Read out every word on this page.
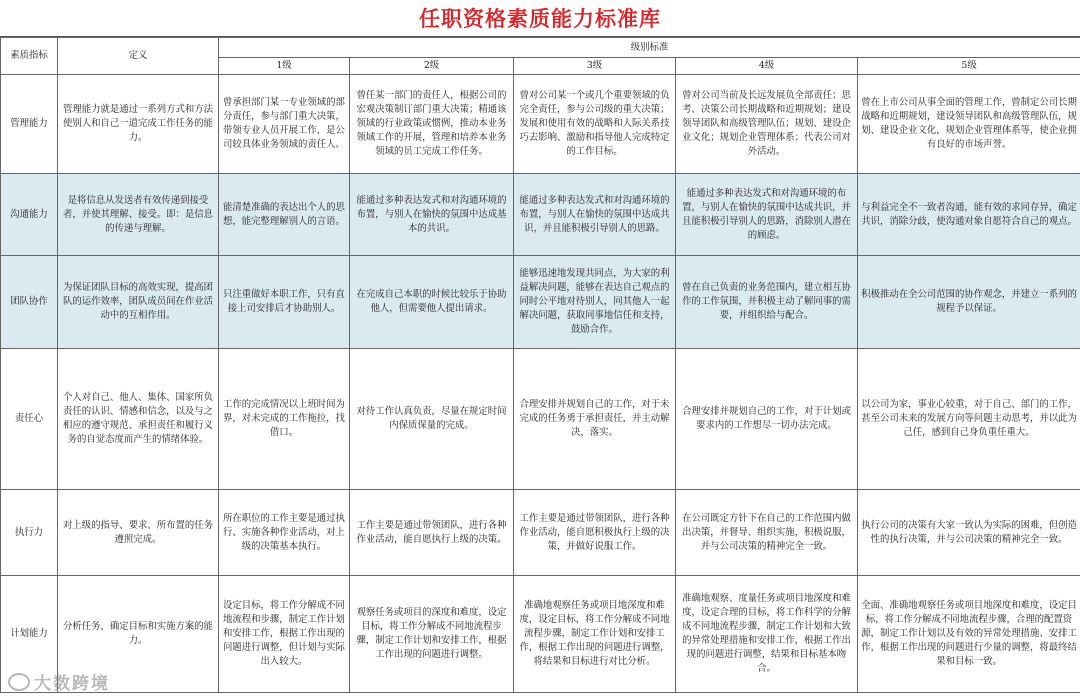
任职资格素质能力标准库
素质指标	定义	级别标准				
		1级	2级	3级	4级	5级
管理能力	管理能力就是通过一系列方式和方法使别人和自己一道完成工作任务的能力。	曾承担部门某一专业领域的部分责任，参与部门重大决策，带领专业人员开展工作，是公司较具体业务领域的责任人。	曾任某一部门的责任人，根据公司的宏观决策制订部门重大决策；精通该领域的行业政策或惯例，推动本业务领域工作的开展，管理和培养本业务领域的员工完成工作任务。	曾对公司某一个或几个重要领域的负完全责任，参与公司级的重大决策；发展和使用有效的战略和人际关系技巧去影响、激励和指导他人完成特定的工作目标。	曾对公司当前及长远发展负全部责任；思考、决策公司长期战略和近期规划；建设领导团队和高级管理队伍；规划、建设企业文化；规划企业管理体系；代表公司对外活动。	曾在上市公司从事全面的管理工作，曾制定公司长期战略和近期规划，建设领导团队和高级管理队伍，规划、建设企业文化，规划企业管理体系等，使企业拥有良好的市场声誉。
沟通能力	是将信息从发送者有效传递到接受者，并使其理解、接受。即：是信息的传递与理解。	能清楚准确的表达出个人的思想，能完整理解别人的言语。	能通过多种表达发式和对沟通环境的布置，与别人在愉快的氛围中达成基本的共识。	能通过多种表达发式和对沟通环境的布置，与别人在愉快的氛围中达成共识，并且能积极引导别人的思路。	能通过多种表达发式和对沟通环境的布置，与别人在愉快的氛围中达成共识，并且能积极引导别人的思路，消除别人潜在的顾虑。	与利益完全不一致者沟通，能有效的求同存异，确定共识，消除分歧，使沟通对象自愿符合自己的观点。
团队协作	为保证团队目标的高效实现，提高团队的运作效率，团队成员间在作业活动中的互相作用。	只注重做好本职工作，只有直接上司安排后才协助别人。	在完成自己本职的时候比较乐于协助他人，但需要他人提出请求。	能够迅速地发现共同点，为大家的利益解决问题，能够在表达自己观点的同时公平地对待别人，同其他人一起解决问题，获取同事地信任和支持，鼓励合作。	曾在自己负责的业务范围内，建立相互协作的工作氛围，并积极主动了解同事的需要，并组织给与配合。	积极推动在全公司范围的协作观念，并建立一系列的规程予以保证。
责任心	个人对自己、他人、集体、国家所负责任的认识、情感和信念，以及与之相应的遵守规范、承担责任和履行义务的自觉态度而产生的情绪体验。	工作的完成情况以上班时间为界，对未完成的工作拖拉，找借口。	对待工作认真负责，尽量在规定时间内保质保量的完成。	合理安排并规划自己的工作，对于未完成的任务勇于承担责任，并主动解决，落实。	合理安排并规划自己的工作，对于计划或要求内的工作想尽一切办法完成。	以公司为家，事业心较重，对于自己、部门的工作，甚至公司未来的发展方向等问题主动思考，并以此为己任，感到自己身负重任重大。
执行力	对上级的指导、要求、所布置的任务遵照完成。	所在职位的工作主要是通过执行、实施各种作业活动，对上级的决策基本执行。	工作主要是通过带领团队，进行各种作业活动，能自愿执行上级的决策。	工作主要是通过带领团队，进行各种作业活动，能自愿积极执行上级的决策，并做好说服工作。	在公司既定方针下在自己的工作范围内做出决策，并督导、组织实施，积极说服，并与公司决策的精神完全一致。	执行公司的决策有大家一致认为实际的困难，但创造性的执行决策，并与公司决策的精神完全一致。
计划能力	分析任务，确定目标和实施方案的能力。	设定目标，将工作分解成不同地流程和步骤，制定工作计划和安排工作，根据工作出现的问题进行调整，但计划与实际出入较大。	观察任务或项目的深度和难度，设定目标，将工作分解成不同地流程步骤，制定工作计划和安排工作，根据工作出现的问题进行调整。	准确地观察任务或项目地深度和难度，设定目标，将工作分解成不同地流程步骤，制定工作计划和安排工作，根据工作出现的问题进行调整，将结果和目标进行对比分析。	准确地观察、度量任务或项目地深度和难度，设定合理的目标，将工作科学的分解成不同地流程步骤，制定工作计划和大致的异常处理措施和安排工作，根据工作出现的问题进行调整，结果和目标基本吻合。	全面、准确地观察任务或项目地深度和难度，设定目标，将工作分解成不同地流程步骤，合理的配置资源，制定工作计划以及有效的异常处理措施、安排工作，根据工作出现的问题进行少量的调整，将最终结果和目标一致。
大数跨境
